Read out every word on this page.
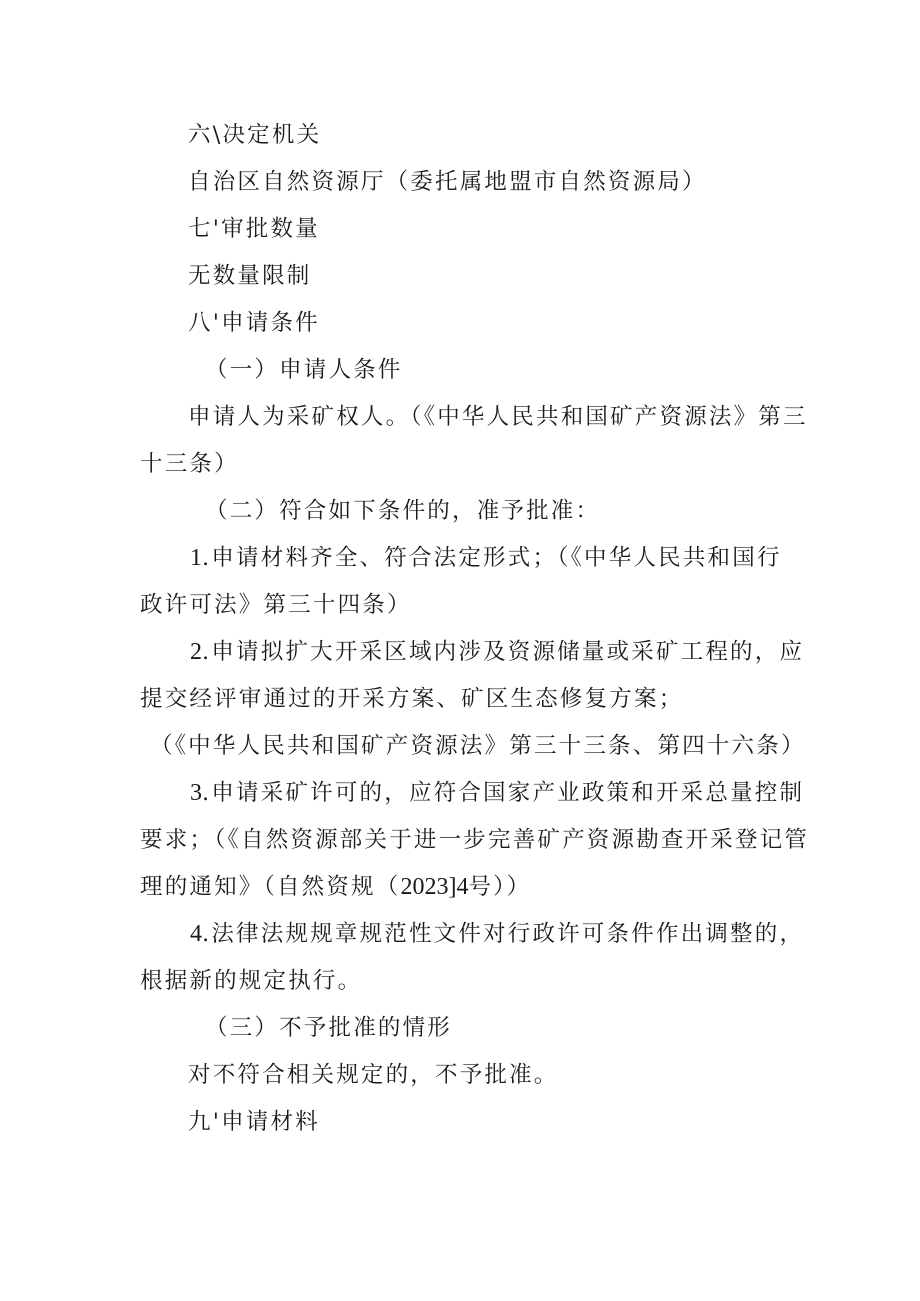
六\决定机关

自治区自然资源厅（委托属地盟市自然资源局）

七'审批数量

无数量限制

八'申请条件

（一）申请人条件

申请人为采矿权人。（《中华人民共和国矿产资源法》第三

十三条）

（二）符合如下条件的，准予批准：

1.申请材料齐全、符合法定形式；（《中华人民共和国行

政许可法》第三十四条）

2.申请拟扩大开采区域内涉及资源储量或采矿工程的，应

提交经评审通过的开采方案、矿区生态修复方案；

（《中华人民共和国矿产资源法》第三十三条、第四十六条）

3.申请采矿许可的，应符合国家产业政策和开采总量控制

要求；（《自然资源部关于进一步完善矿产资源勘查开采登记管

理的通知》（自然资规（2023]4号））

4.法律法规规章规范性文件对行政许可条件作出调整的，

根据新的规定执行。

（三）不予批准的情形

对不符合相关规定的，不予批准。

九'申请材料
